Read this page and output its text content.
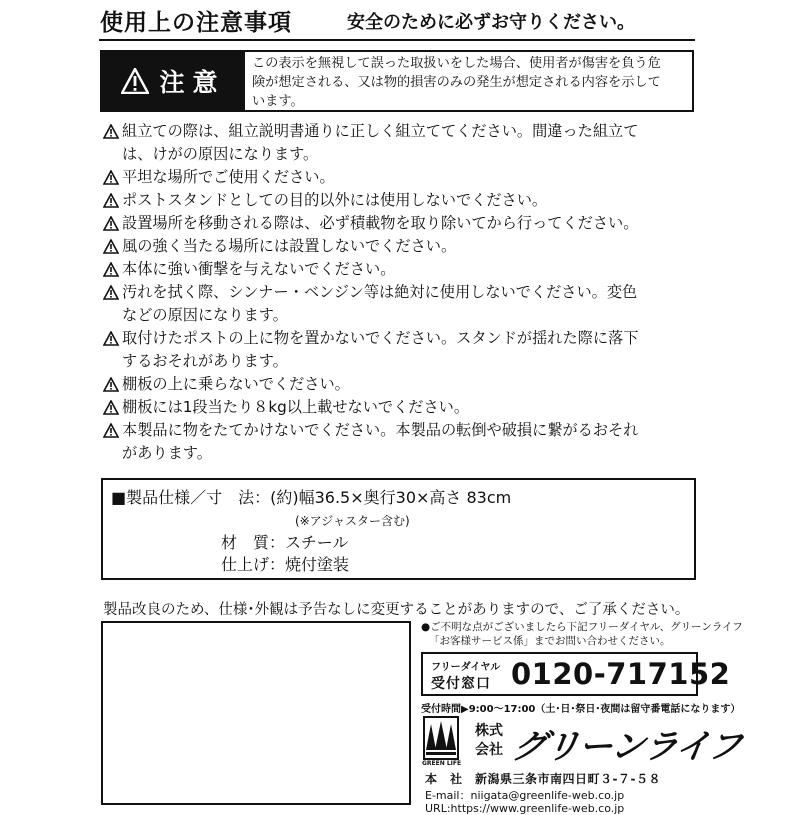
使用上の注意事項	安全のために必ずお守りください。
注意
この表示を無視して誤った取扱いをした場合、使用者が傷害を負う危
険が想定される、又は物的損害のみの発生が想定される内容を示して
います。
組立ての際は、組立説明書通りに正しく組立ててください。間違った組立て
は、けがの原因になります。
平坦な場所でご使用ください。
ポストスタンドとしての目的以外には使用しないでください。
設置場所を移動される際は、必ず積載物を取り除いてから行ってください。
風の強く当たる場所には設置しないでください。
本体に強い衝撃を与えないでください。
汚れを拭く際、シンナー・ベンジン等は絶対に使用しないでください。変色
などの原因になります。
取付けたポストの上に物を置かないでください。スタンドが揺れた際に落下
するおそれがあります。
棚板の上に乗らないでください。
棚板には1段当たり８kg以上載せないでください。
本製品に物をたてかけないでください。本製品の転倒や破損に繋がるおそれ
があります。
■製品仕様／寸　法：(約)幅36.5×奥行30×高さ 83cm
(※アジャスター含む)
材　質：スチール
仕上げ：焼付塗装
製品改良のため、仕様･外観は予告なしに変更することがありますので、ご了承ください。
●ご不明な点がございましたら下記フリーダイヤル、グリーンライフ
「お客様サービス係」までお問い合わせください。
フリーダイヤル
受付窓口 0120-717152
受付時間▶9:00～17:00（土･日･祭日･夜間は留守番電話になります）
GREEN LIFE
株式
会社 グリーンライフ
本　社　新潟県三条市南四日町３-７-５８
E-mail：niigata@greenlife-web.co.jp
URL:https://www.greenlife-web.co.jp
